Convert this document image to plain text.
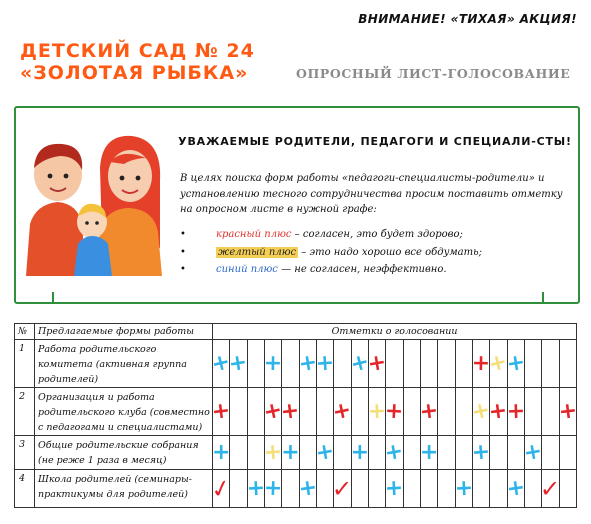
ВНИМАНИЕ! «ТИХАЯ» АКЦИЯ!
ДЕТСКИЙ САД № 24
«ЗОЛОТАЯ РЫБКА»	ОПРОСНЫЙ ЛИСТ-ГОЛОСОВАНИЕ
УВАЖАЕМЫЕ РОДИТЕЛИ, ПЕДАГОГИ И СПЕЦИАЛИ-СТЫ!

В целях поиска форм работы «педагоги-специалисты-родители» и установлению тесного сотрудничества просим поставить отметку на опросном листе в нужной графе:

•	красный плюс – согласен, это будет здорово;
•	желтый плюс – это надо хорошо все обдумать;
•	синий плюс — не согласен, неэффективно.
№	Предлагаемые формы работы	Отметки о голосовании																				
1	Работа родительского комитета (активная группа родителей)	+	+		+		+	+		+	+						+	+	+			

2	Организация и работа родительского клуба (совместно с педагогами и специалистами)	+			+	+			+		+	+		+			+	+	+			+

3	Общие родительские собрания (не реже 1 раза в месяц)	+			+	+		+		+		+		+			+			+		

4	Школа родителей (семинары-практикумы для родителей)	✓		+	+		+		✓			+				+			+		✓	
